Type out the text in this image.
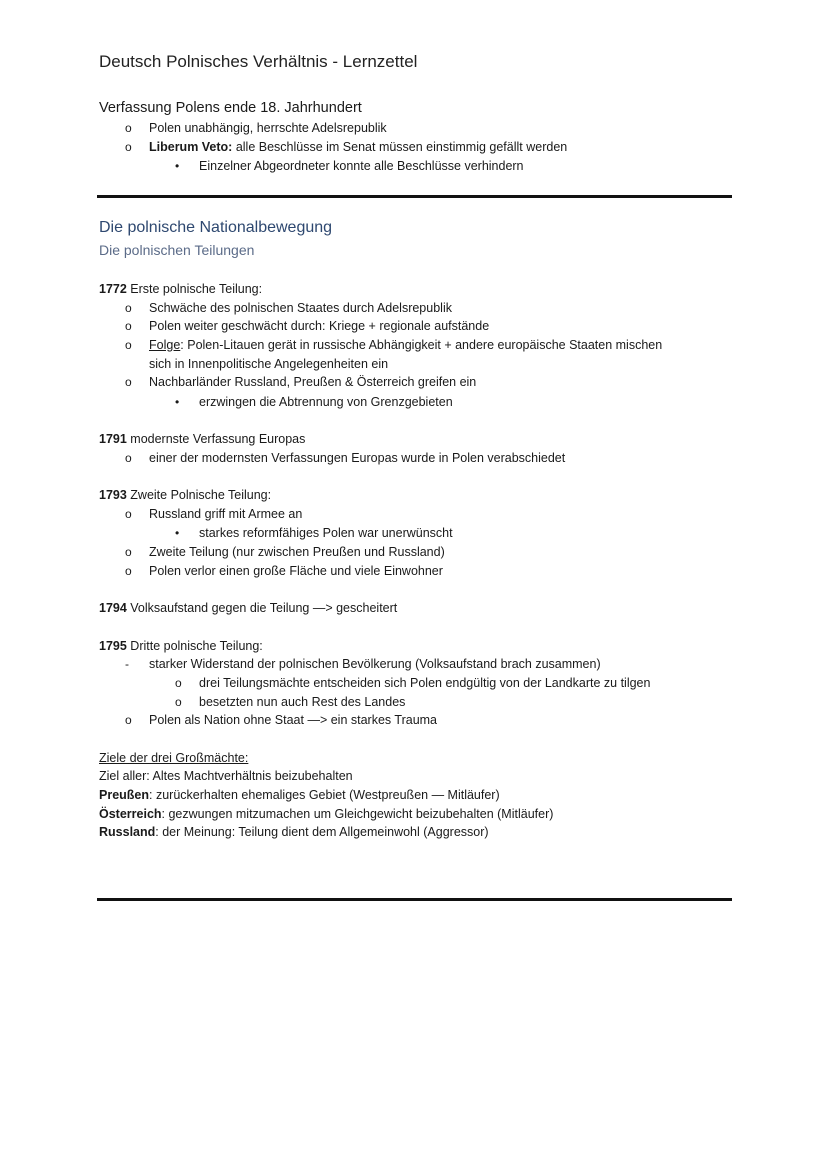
Deutsch Polnisches Verhältnis - Lernzettel
Verfassung Polens ende 18. Jahrhundert
o Polen unabhängig, herrschte Adelsrepublik
o Liberum Veto: alle Beschlüsse im Senat müssen einstimmig gefällt werden
• Einzelner Abgeordneter konnte alle Beschlüsse verhindern
Die polnische Nationalbewegung
Die polnischen Teilungen
1772 Erste polnische Teilung:
o Schwäche des polnischen Staates durch Adelsrepublik
o Polen weiter geschwächt durch: Kriege + regionale aufstände
o Folge: Polen-Litauen gerät in russische Abhängigkeit + andere europäische Staaten mischen
sich in Innenpolitische Angelegenheiten ein
o Nachbarländer Russland, Preußen & Österreich greifen ein
• erzwingen die Abtrennung von Grenzgebieten
1791 modernste Verfassung Europas
o einer der modernsten Verfassungen Europas wurde in Polen verabschiedet
1793 Zweite Polnische Teilung:
o Russland griff mit Armee an
• starkes reformfähiges Polen war unerwünscht
o Zweite Teilung (nur zwischen Preußen und Russland)
o Polen verlor einen große Fläche und viele Einwohner
1794 Volksaufstand gegen die Teilung —> gescheitert
1795 Dritte polnische Teilung:
- starker Widerstand der polnischen Bevölkerung (Volksaufstand brach zusammen)
o drei Teilungsmächte entscheiden sich Polen endgültig von der Landkarte zu tilgen
o besetzten nun auch Rest des Landes
o Polen als Nation ohne Staat —> ein starkes Trauma
Ziele der drei Großmächte:
Ziel aller: Altes Machtverhältnis beizubehalten
Preußen: zurückerhalten ehemaliges Gebiet (Westpreußen — Mitläufer)
Österreich: gezwungen mitzumachen um Gleichgewicht beizubehalten (Mitläufer)
Russland: der Meinung: Teilung dient dem Allgemeinwohl (Aggressor)
